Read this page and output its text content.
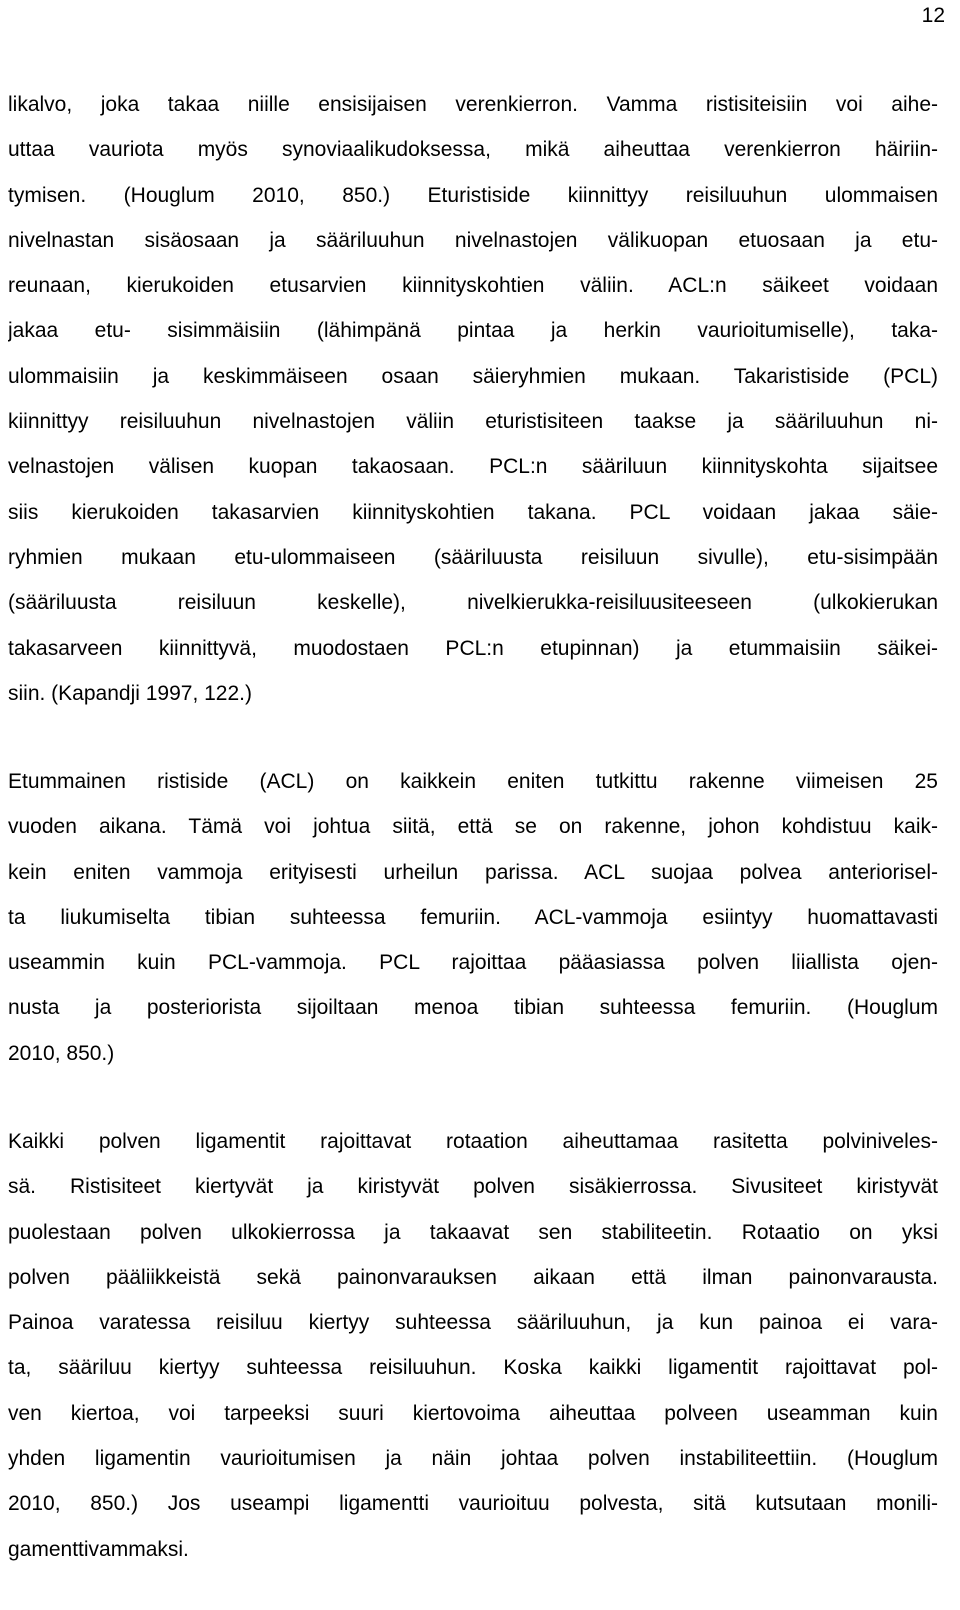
12
likalvo, joka takaa niille ensisijaisen verenkierron. Vamma ristisiteisiin voi aihe-
uttaa vauriota myös synoviaalikudoksessa, mikä aiheuttaa verenkierron häiriin-
tymisen. (Houglum 2010, 850.) Eturistiside kiinnittyy reisiluuhun ulommaisen
nivelnastan sisäosaan ja sääriluuhun nivelnastojen välikuopan etuosaan ja etu-
reunaan, kierukoiden etusarvien kiinnityskohtien väliin. ACL:n säikeet voidaan
jakaa etu- sisimmäisiin (lähimpänä pintaa ja herkin vaurioitumiselle), taka-
ulommaisiin ja keskimmäiseen osaan säieryhmien mukaan. Takaristiside (PCL)
kiinnittyy reisiluuhun nivelnastojen väliin eturistisiteen taakse ja sääriluuhun ni-
velnastojen välisen kuopan takaosaan. PCL:n sääriluun kiinnityskohta sijaitsee
siis kierukoiden takasarvien kiinnityskohtien takana. PCL voidaan jakaa säie-
ryhmien mukaan etu-ulommaiseen (sääriluusta reisiluun sivulle), etu-sisimpään
(sääriluusta reisiluun keskelle), nivelkierukka-reisiluusiteeseen (ulkokierukan
takasarveen kiinnittyvä, muodostaen PCL:n etupinnan) ja etummaisiin säikei-
siin. (Kapandji 1997, 122.)
Etummainen ristiside (ACL) on kaikkein eniten tutkittu rakenne viimeisen 25
vuoden aikana. Tämä voi johtua siitä, että se on rakenne, johon kohdistuu kaik-
kein eniten vammoja erityisesti urheilun parissa. ACL suojaa polvea anteriorisel-
ta liukumiselta tibian suhteessa femuriin. ACL-vammoja esiintyy huomattavasti
useammin kuin PCL-vammoja. PCL rajoittaa pääasiassa polven liiallista ojen-
nusta ja posteriorista sijoiltaan menoa tibian suhteessa femuriin. (Houglum
2010, 850.)
Kaikki polven ligamentit rajoittavat rotaation aiheuttamaa rasitetta polviniveles-
sä. Ristisiteet kiertyvät ja kiristyvät polven sisäkierrossa. Sivusiteet kiristyvät
puolestaan polven ulkokierrossa ja takaavat sen stabiliteetin. Rotaatio on yksi
polven pääliikkeistä sekä painonvarauksen aikaan että ilman painonvarausta.
Painoa varatessa reisiluu kiertyy suhteessa sääriluuhun, ja kun painoa ei vara-
ta, sääriluu kiertyy suhteessa reisiluuhun. Koska kaikki ligamentit rajoittavat pol-
ven kiertoa, voi tarpeeksi suuri kiertovoima aiheuttaa polveen useamman kuin
yhden ligamentin vaurioitumisen ja näin johtaa polven instabiliteettiin. (Houglum
2010, 850.) Jos useampi ligamentti vaurioituu polvesta, sitä kutsutaan monili-
gamenttivammaksi.
